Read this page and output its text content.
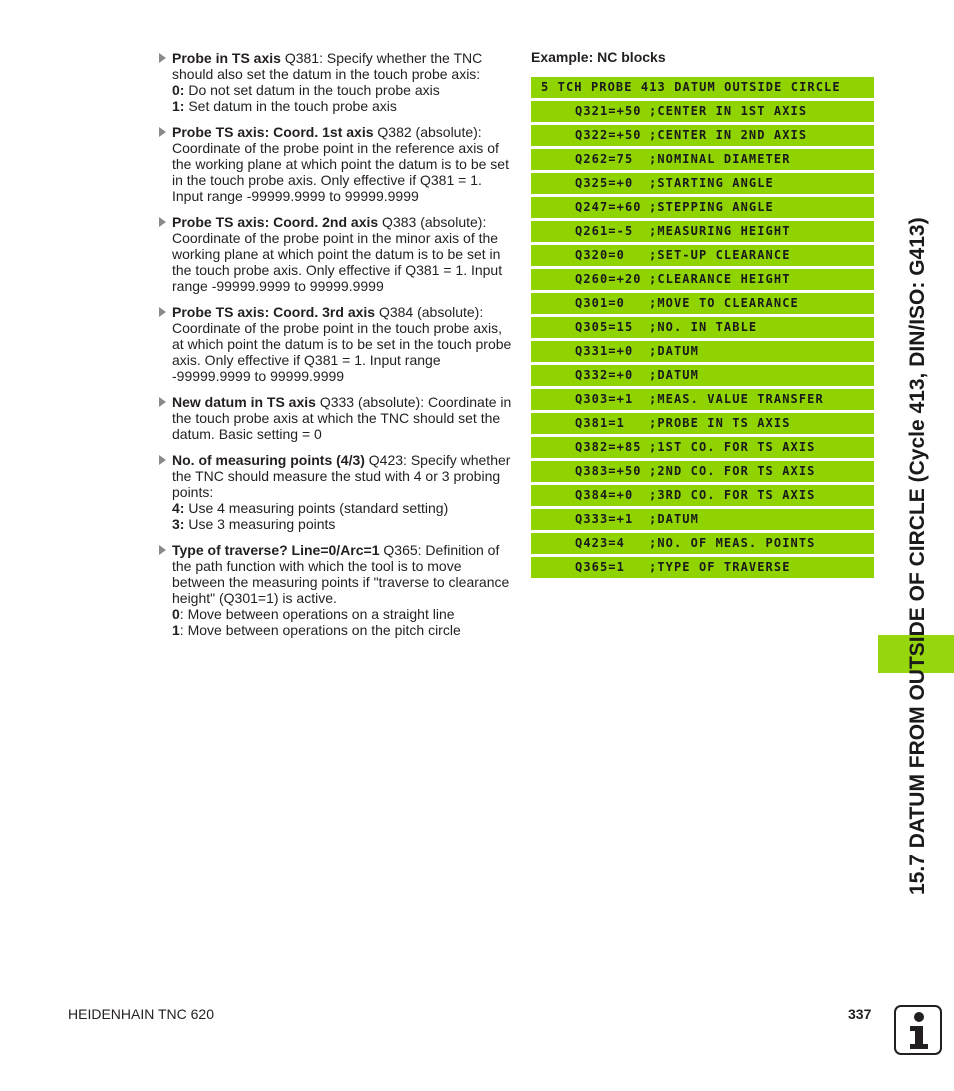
Probe in TS axis Q381: Specify whether the TNC should also set the datum in the touch probe axis:
0: Do not set datum in the touch probe axis
1: Set datum in the touch probe axis
Probe TS axis: Coord. 1st axis Q382 (absolute): Coordinate of the probe point in the reference axis of the working plane at which point the datum is to be set in the touch probe axis. Only effective if Q381 = 1. Input range -99999.9999 to 99999.9999
Probe TS axis: Coord. 2nd axis Q383 (absolute): Coordinate of the probe point in the minor axis of the working plane at which point the datum is to be set in the touch probe axis. Only effective if Q381 = 1. Input range -99999.9999 to 99999.9999
Probe TS axis: Coord. 3rd axis Q384 (absolute): Coordinate of the probe point in the touch probe axis, at which point the datum is to be set in the touch probe axis. Only effective if Q381 = 1. Input range -99999.9999 to 99999.9999
New datum in TS axis Q333 (absolute): Coordinate in the touch probe axis at which the TNC should set the datum. Basic setting = 0
No. of measuring points (4/3) Q423: Specify whether the TNC should measure the stud with 4 or 3 probing points:
4: Use 4 measuring points (standard setting)
3: Use 3 measuring points
Type of traverse? Line=0/Arc=1 Q365: Definition of the path function with which the tool is to move between the measuring points if "traverse to clearance height" (Q301=1) is active.
0: Move between operations on a straight line
1: Move between operations on the pitch circle
Example: NC blocks
5 TCH PROBE 413 DATUM OUTSIDE CIRCLE
Q321=+50 ;CENTER IN 1ST AXIS
Q322=+50 ;CENTER IN 2ND AXIS
Q262=75 ;NOMINAL DIAMETER
Q325=+0 ;STARTING ANGLE
Q247=+60 ;STEPPING ANGLE
Q261=-5 ;MEASURING HEIGHT
Q320=0 ;SET-UP CLEARANCE
Q260=+20 ;CLEARANCE HEIGHT
Q301=0 ;MOVE TO CLEARANCE
Q305=15 ;NO. IN TABLE
Q331=+0 ;DATUM
Q332=+0 ;DATUM
Q303=+1 ;MEAS. VALUE TRANSFER
Q381=1 ;PROBE IN TS AXIS
Q382=+85 ;1ST CO. FOR TS AXIS
Q383=+50 ;2ND CO. FOR TS AXIS
Q384=+0 ;3RD CO. FOR TS AXIS
Q333=+1 ;DATUM
Q423=4 ;NO. OF MEAS. POINTS
Q365=1 ;TYPE OF TRAVERSE	15.7 DATUM FROM OUTSIDE OF CIRCLE (Cycle 413, DIN/ISO: G413)
HEIDENHAIN TNC 620	337
